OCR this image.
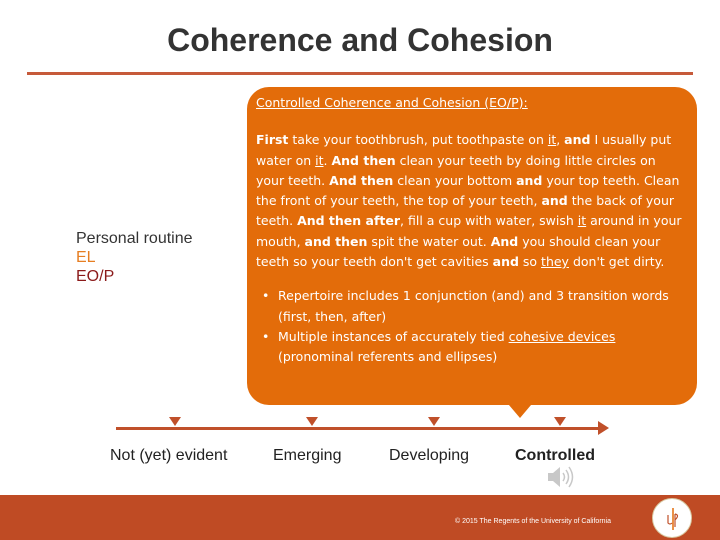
Coherence and Cohesion
Controlled Coherence and Cohesion (EO/P):
First take your toothbrush, put toothpaste on it, and I usually put water on it. And then clean your teeth by doing little circles on your teeth. And then clean your bottom and your top teeth. Clean the front of your teeth, the top of your teeth, and the back of your teeth. And then after, fill a cup with water, swish it around in your mouth, and then spit the water out. And you should clean your teeth so your teeth don't get cavities and so they don't get dirty.
• Repertoire includes 1 conjunction (and) and 3 transition words (first, then, after)
• Multiple instances of accurately tied cohesive devices (pronominal referents and ellipses)
Personal routine
EL
EO/P
Not (yet) evident	Emerging	Developing	Controlled
© 2015 The Regents of the University of California
